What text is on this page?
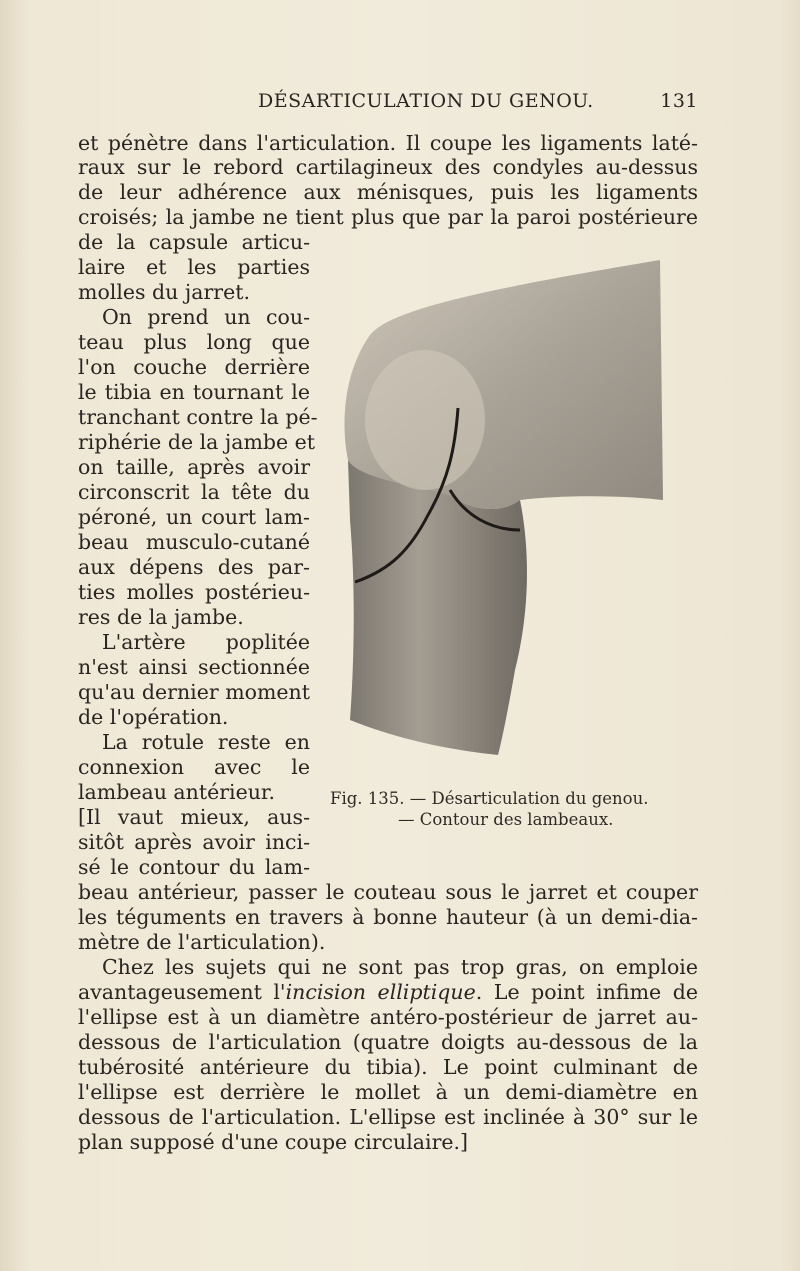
DÉSARTICULATION DU GENOU.	131
et pénètre dans l'articulation. Il coupe les ligaments laté-
raux sur le rebord cartilagineux des condyles au-dessus
de leur adhérence aux ménisques, puis les ligaments
croisés; la jambe ne tient plus que par la paroi postérieure
de la capsule articu-
laire et les parties
molles du jarret.
On prend un cou-
teau plus long que
l'on couche derrière
le tibia en tournant le
tranchant contre la pé-
riphérie de la jambe et
on taille, après avoir
circonscrit la tête du
péroné, un court lam-
beau musculo-cutané
aux dépens des par-
ties molles postérieu-
res de la jambe.
L'artère poplitée
n'est ainsi sectionnée
qu'au dernier moment
de l'opération.
La rotule reste en
connexion avec le
lambeau antérieur.
[Il vaut mieux, aus-
sitôt après avoir inci-
sé le contour du lam-
beau antérieur, passer le couteau sous le jarret et couper
les téguments en travers à bonne hauteur (à un demi-dia-
mètre de l'articulation).
Chez les sujets qui ne sont pas trop gras, on emploie
avantageusement l'incision elliptique. Le point infime de
l'ellipse est à un diamètre antéro-postérieur de jarret au-
dessous de l'articulation (quatre doigts au-dessous de la
tubérosité antérieure du tibia). Le point culminant de
l'ellipse est derrière le mollet à un demi-diamètre en
dessous de l'articulation. L'ellipse est inclinée à 30° sur le
plan supposé d'une coupe circulaire.]
Fig. 135. — Désarticulation du genou.
— Contour des lambeaux.
